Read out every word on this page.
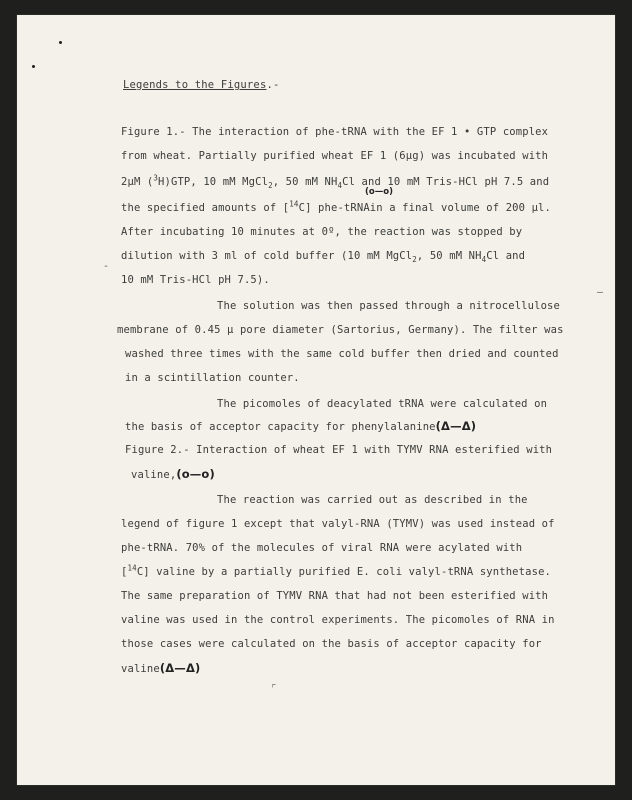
—
-
⌜
Legends to the Figures.-
Figure 1.- The interaction of phe-tRNA with the EF 1 • GTP complex
from wheat. Partially purified wheat EF 1 (6μg) was incubated with
2μM ($^3$H)GTP, 10 mM MgCl$_2$, 50 mM $NH_4Cl$ and 10 mM Tris-HCl pH 7.5 and
(o—o)
the specified amounts of [$^{14}$C] phe-tRNAin a final volume of 200 μl.
After incubating 10 minutes at 0º, the reaction was stopped by
dilution with 3 ml of cold buffer (10 mM MgCl$_2$, 50 mM $NH_4Cl$ and
10 mM Tris-HCl pH 7.5).
The solution was then passed through a nitrocellulose
membrane of 0.45 μ pore diameter (Sartorius, Germany). The filter was
washed three times with the same cold buffer then dried and counted
in a scintillation counter.
The picomoles of deacylated tRNA were calculated on
the basis of acceptor capacity for phenylalanine(Δ—Δ)
Figure 2.- Interaction of wheat EF 1 with TYMV RNA esterified with
valine,(o—o)
The reaction was carried out as described in the
legend of figure 1 except that valyl-RNA (TYMV) was used instead of
phe-tRNA. 70% of the molecules of viral RNA were acylated with
[$^{14}$C] valine by a partially purified E. coli valyl-tRNA synthetase.
The same preparation of TYMV RNA that had not been esterified with
valine was used in the control experiments. The picomoles of RNA in
those cases were calculated on the basis of acceptor capacity for
valine(Δ—Δ)
